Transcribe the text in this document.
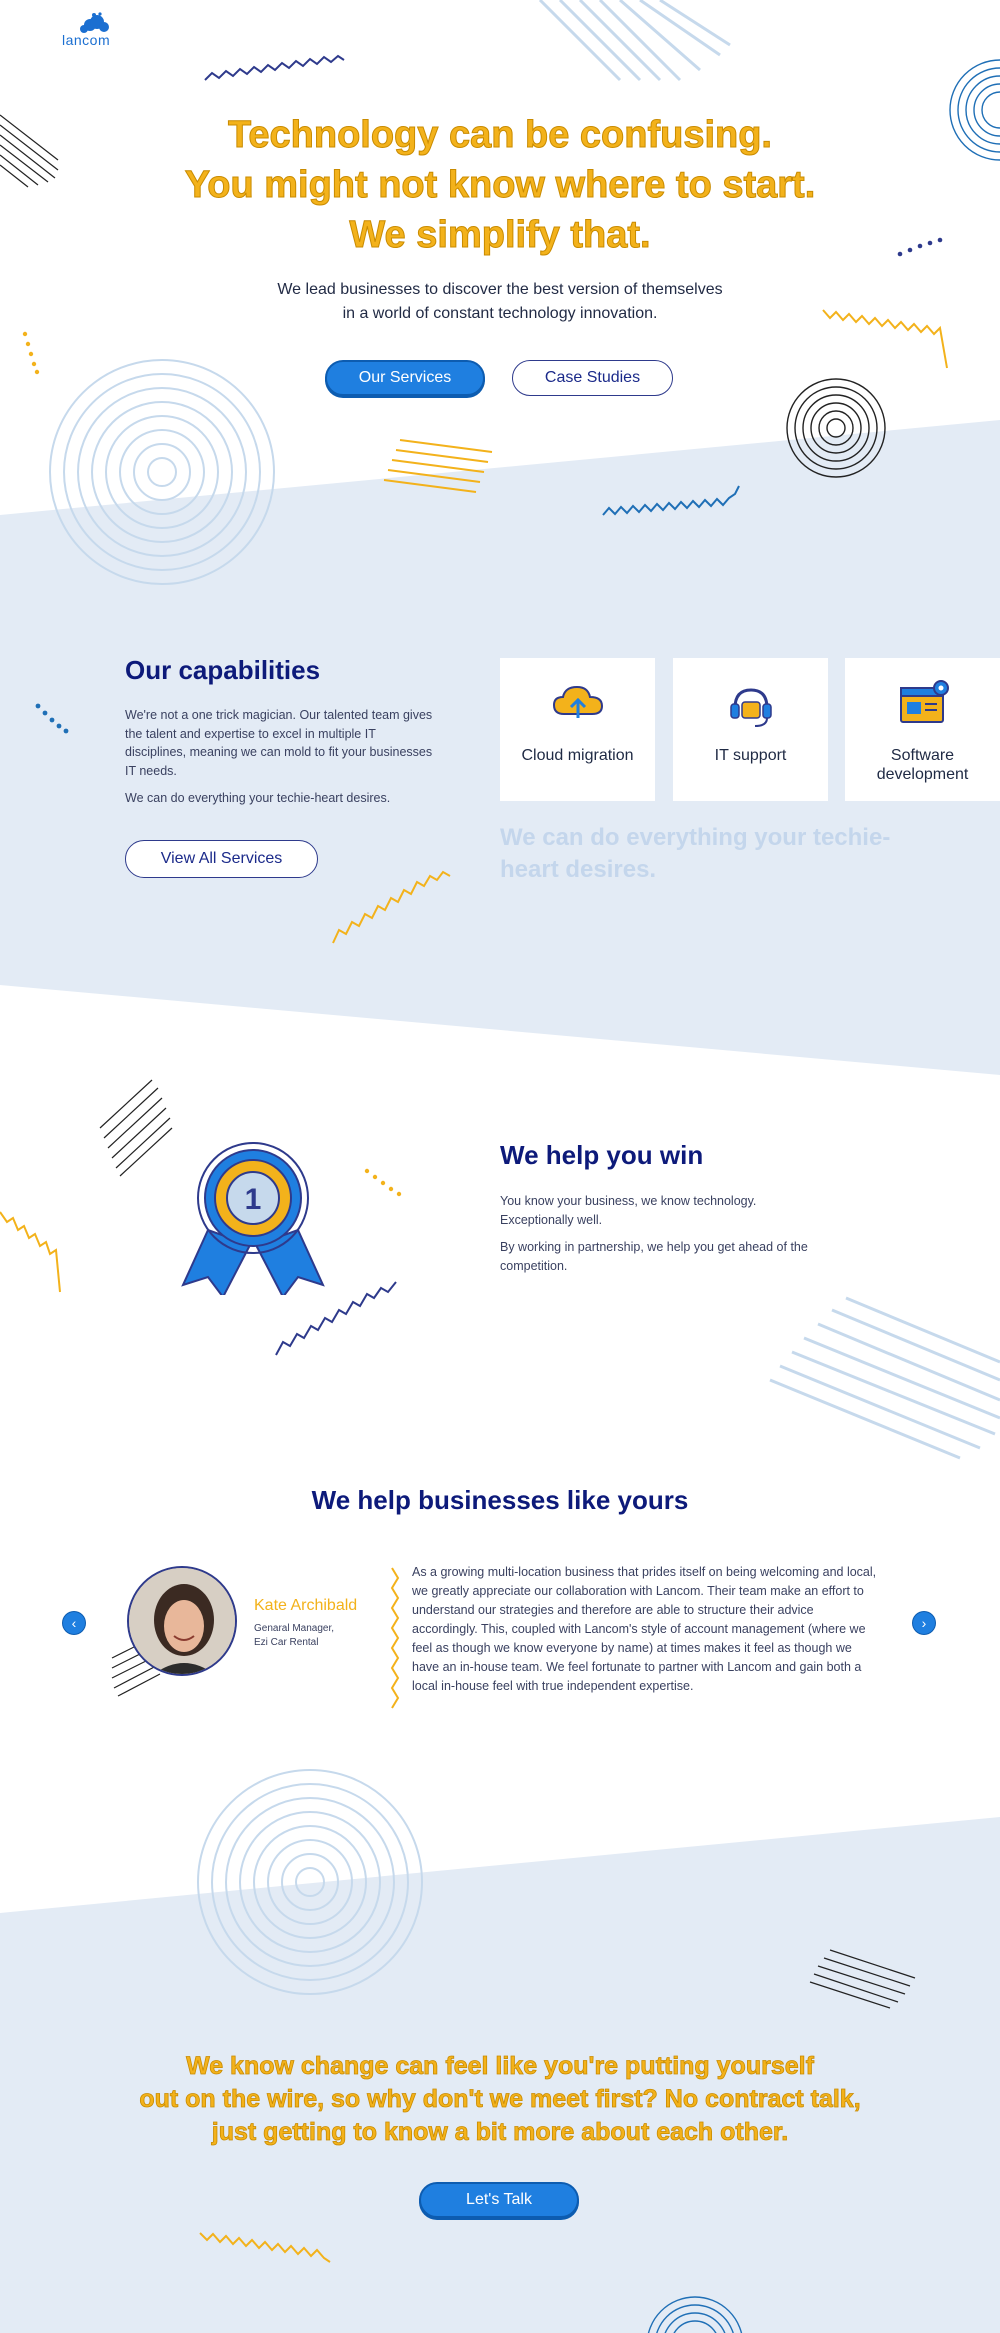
lancom
Technology can be confusing.
You might not know where to start.
We simplify that.
We lead businesses to discover the best version of themselves
in a world of constant technology innovation.
Our Services	Case Studies
Our capabilities
We're not a one trick magician. Our talented team gives the talent and expertise to excel in multiple IT disciplines, meaning we can mold to fit your businesses IT needs.
We can do everything your techie-heart desires.
View All Services
Cloud migration	IT support	Software development
We can do everything your techie-heart desires.
1
We help you win
You know your business, we know technology. Exceptionally well.
By working in partnership, we help you get ahead of the competition.
We help businesses like yours
‹
Kate Archibald
Genaral Manager,
Ezi Car Rental
As a growing multi-location business that prides itself on being welcoming and local, we greatly appreciate our collaboration with Lancom. Their team make an effort to understand our strategies and therefore are able to structure their advice accordingly. This, coupled with Lancom's style of account management (where we feel as though we know everyone by name) at times makes it feel as though we have an in-house team. We feel fortunate to partner with Lancom and gain both a local in-house feel with true independent expertise.
›
We know change can feel like you're putting yourself
out on the wire, so why don't we meet first? No contract talk,
just getting to know a bit more about each other.
Let's Talk
